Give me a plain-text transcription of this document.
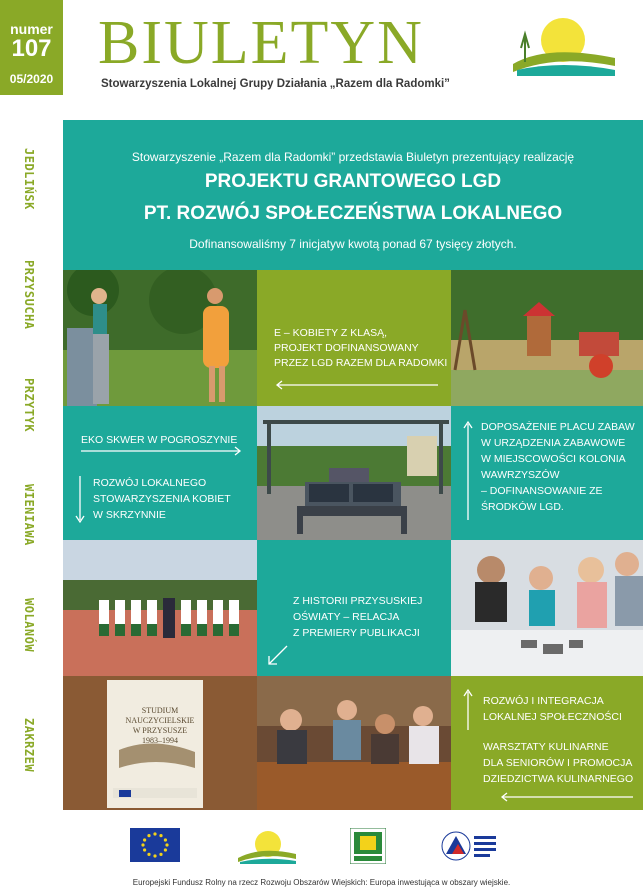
numer
107
05/2020
BIULETYN
Stowarzyszenia Lokalnej Grupy Działania „Razem dla Radomki”
JEDLIŃSK
PRZYSUCHA
PRZYTYK
WIENIAWA
WOLANÓW
ZAKRZEW
Stowarzyszenie „Razem dla Radomki” przedstawia Biuletyn prezentujący realizację
PROJEKTU GRANTOWEGO LGD
PT. ROZWÓJ SPOŁECZEŃSTWA LOKALNEGO
Dofinansowaliśmy 7 inicjatyw kwotą ponad 67 tysięcy złotych.
E – KOBIETY Z KLASĄ,
PROJEKT DOFINANSOWANY
PRZEZ LGD RAZEM DLA RADOMKI
EKO SKWER W POGROSZYNIE
ROZWÓJ LOKALNEGO
STOWARZYSZENIA KOBIET
W SKRZYNNIE
DOPOSAŻENIE PLACU ZABAW
W URZĄDZENIA ZABAWOWE
W MIEJSCOWOŚCI KOLONIA
WAWRZYSZÓW
– DOFINANSOWANIE ZE
ŚRODKÓW LGD.
Z HISTORII PRZYSUSKIEJ
OŚWIATY – RELACJA
Z PREMIERY PUBLIKACJI
STUDIUM
NAUCZYCIELSKIE
W PRZYSUSZE
1983–1994
ROZWÓJ I INTEGRACJA
LOKALNEJ SPOŁECZNOŚCI
WARSZTATY KULINARNE
DLA SENIORÓW I PROMOCJA
DZIEDZICTWA KULINARNEGO
Europejski Fundusz Rolny na rzecz Rozwoju Obszarów Wiejskich: Europa inwestująca w obszary wiejskie.
